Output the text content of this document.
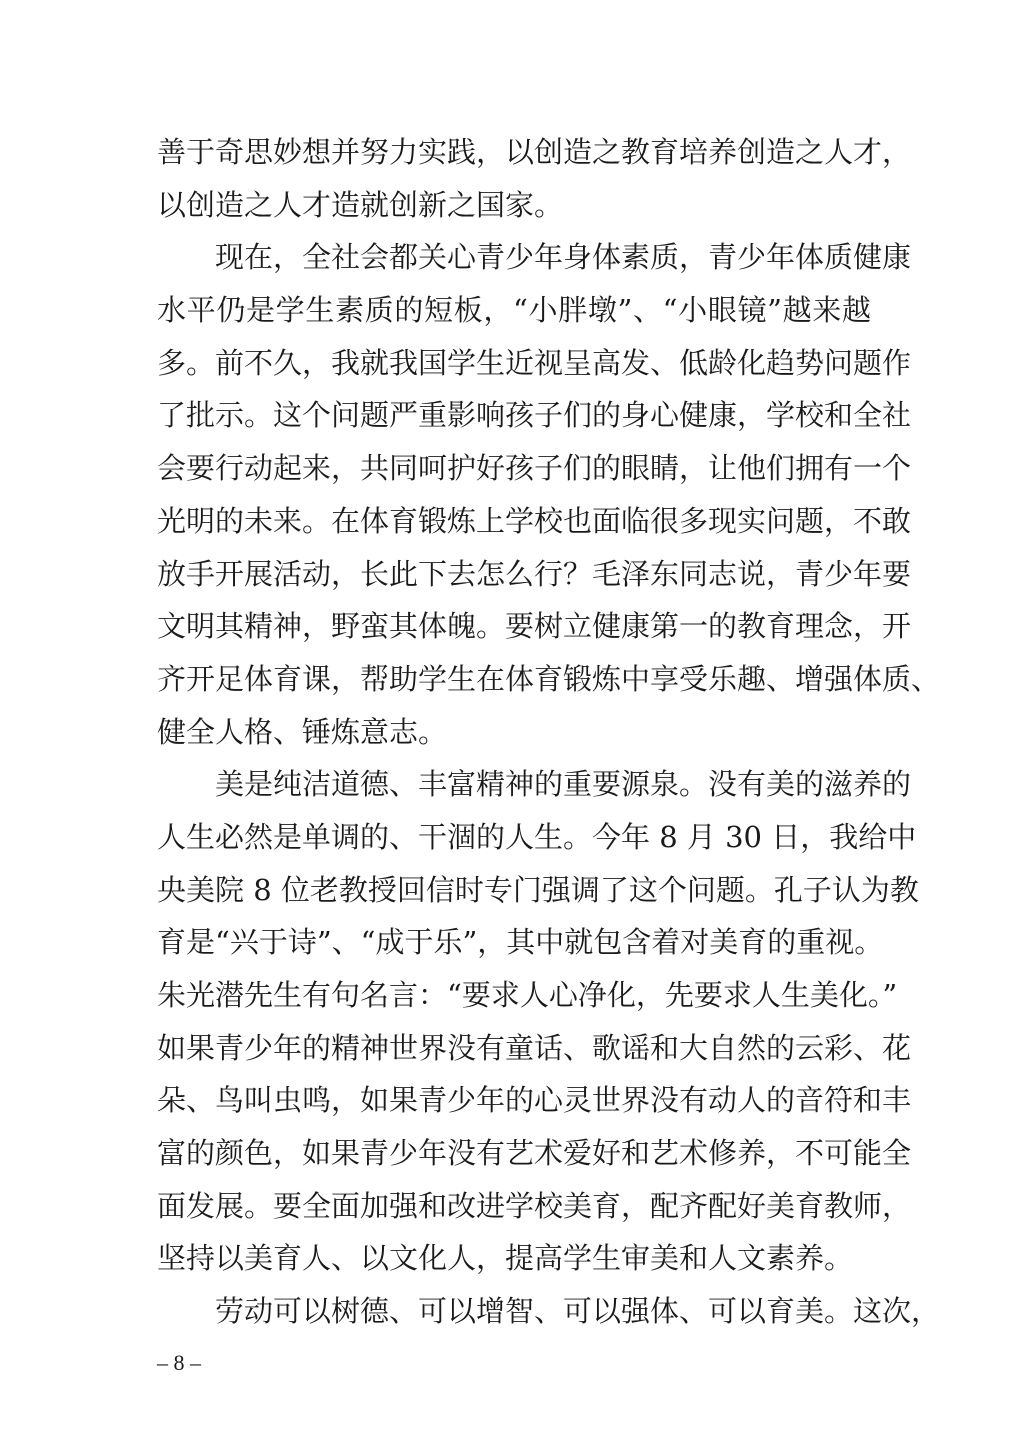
善于奇思妙想并努力实践，以创造之教育培养创造之人才，
以创造之人才造就创新之国家。
现在，全社会都关心青少年身体素质，青少年体质健康
水平仍是学生素质的短板，“小胖墩”、“小眼镜”越来越
多。前不久，我就我国学生近视呈高发、低龄化趋势问题作
了批示。这个问题严重影响孩子们的身心健康，学校和全社
会要行动起来，共同呵护好孩子们的眼睛，让他们拥有一个
光明的未来。在体育锻炼上学校也面临很多现实问题，不敢
放手开展活动，长此下去怎么行？毛泽东同志说，青少年要
文明其精神，野蛮其体魄。要树立健康第一的教育理念，开
齐开足体育课，帮助学生在体育锻炼中享受乐趣、增强体质、
健全人格、锤炼意志。
美是纯洁道德、丰富精神的重要源泉。没有美的滋养的
人生必然是单调的、干涸的人生。今年 8 月 30 日，我给中
央美院 8 位老教授回信时专门强调了这个问题。孔子认为教
育是“兴于诗”、“成于乐”，其中就包含着对美育的重视。
朱光潜先生有句名言：“要求人心净化，先要求人生美化。”
如果青少年的精神世界没有童话、歌谣和大自然的云彩、花
朵、鸟叫虫鸣，如果青少年的心灵世界没有动人的音符和丰
富的颜色，如果青少年没有艺术爱好和艺术修养，不可能全
面发展。要全面加强和改进学校美育，配齐配好美育教师，
坚持以美育人、以文化人，提高学生审美和人文素养。
劳动可以树德、可以增智、可以强体、可以育美。这次，
– 8 –
